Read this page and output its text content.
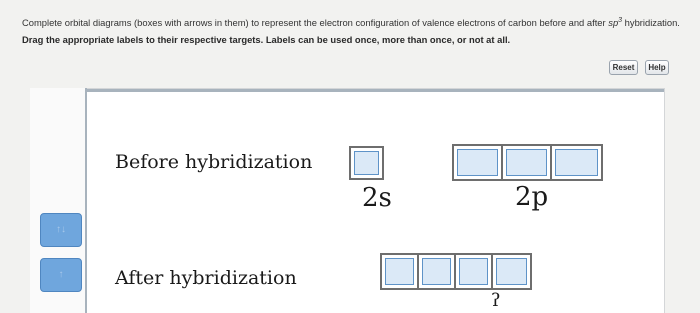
Complete orbital diagrams (boxes with arrows in them) to represent the electron configuration of valence electrons of carbon before and after $sp^3$ hybridization.
Drag the appropriate labels to their respective targets. Labels can be used once, more than once, or not at all.
Reset	Help
↑↓
↑
Before hybridization
After hybridization
2s	2p
ʔ
